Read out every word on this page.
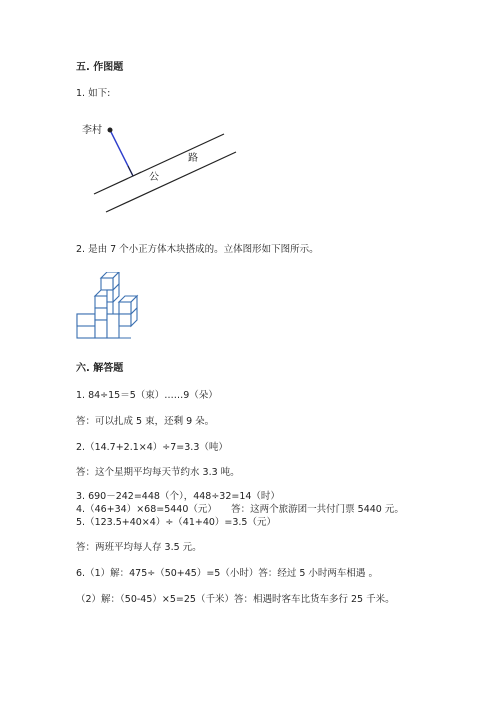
五. 作图题
1. 如下:
李村
公
路
2. 是由 7 个小正方体木块搭成的。立体图形如下图所示。
六. 解答题
1. 84÷15＝5（束）……9（朵）
答：可以扎成 5 束，还剩 9 朵。
2.（14.7+2.1×4）÷7=3.3（吨）
答：这个星期平均每天节约水 3.3 吨。
3. 690－242=448（个），448÷32=14（时）
4.（46+34）×68=5440（元）　　答：这两个旅游团一共付门票 5440 元。
5.（123.5+40×4）÷（41+40）=3.5（元）
答：两班平均每人存 3.5 元。
6.（1）解：475÷（50+45）=5（小时）答：经过 5 小时两车相遇 。
（2）解：（50-45）×5=25（千米）答：相遇时客车比货车多行 25 千米。
